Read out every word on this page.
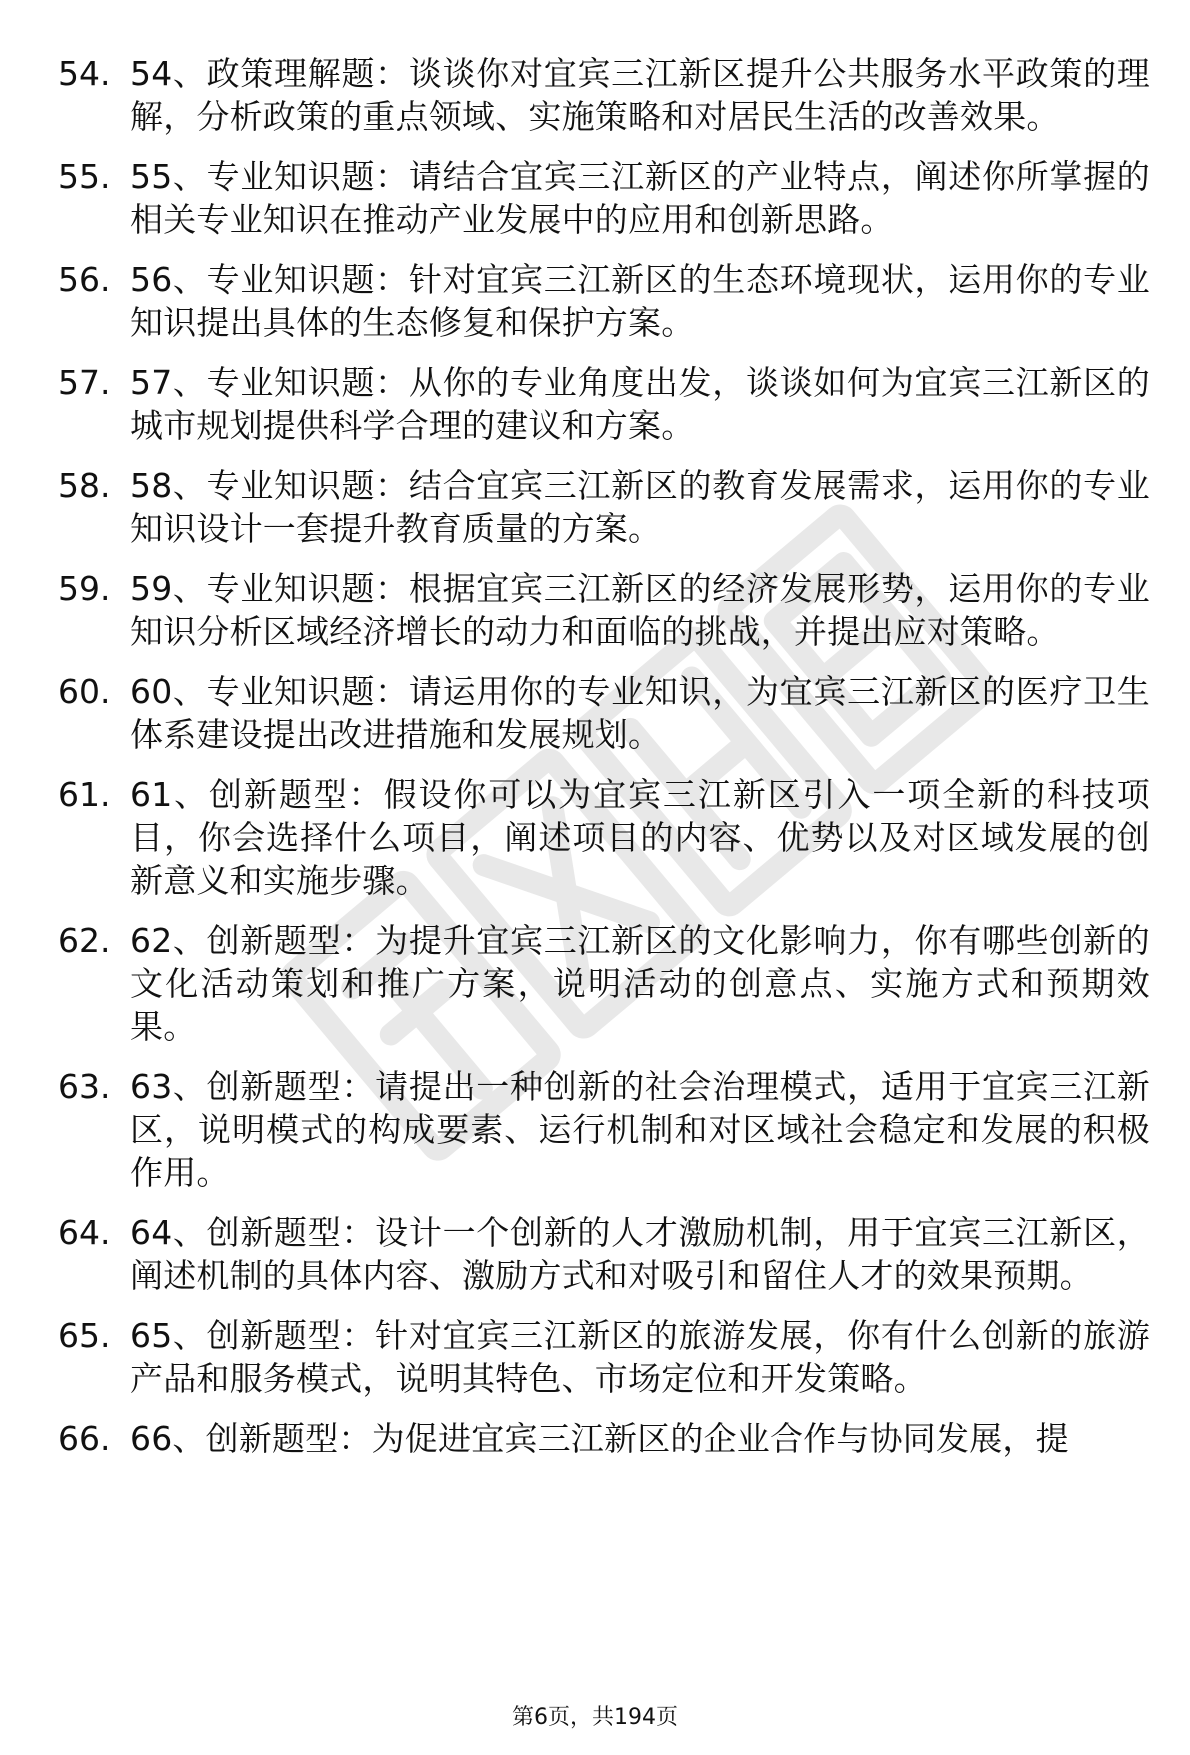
54. 54、政策理解题：谈谈你对宜宾三江新区提升公共服务水平政策的理解，分析政策的重点领域、实施策略和对居民生活的改善效果。
55. 55、专业知识题：请结合宜宾三江新区的产业特点，阐述你所掌握的相关专业知识在推动产业发展中的应用和创新思路。
56. 56、专业知识题：针对宜宾三江新区的生态环境现状，运用你的专业知识提出具体的生态修复和保护方案。
57. 57、专业知识题：从你的专业角度出发，谈谈如何为宜宾三江新区的城市规划提供科学合理的建议和方案。
58. 58、专业知识题：结合宜宾三江新区的教育发展需求，运用你的专业知识设计一套提升教育质量的方案。
59. 59、专业知识题：根据宜宾三江新区的经济发展形势，运用你的专业知识分析区域经济增长的动力和面临的挑战，并提出应对策略。
60. 60、专业知识题：请运用你的专业知识，为宜宾三江新区的医疗卫生体系建设提出改进措施和发展规划。
61. 61、创新题型：假设你可以为宜宾三江新区引入一项全新的科技项目，你会选择什么项目，阐述项目的内容、优势以及对区域发展的创新意义和实施步骤。
62. 62、创新题型：为提升宜宾三江新区的文化影响力，你有哪些创新的文化活动策划和推广方案，说明活动的创意点、实施方式和预期效果。
63. 63、创新题型：请提出一种创新的社会治理模式，适用于宜宾三江新区，说明模式的构成要素、运行机制和对区域社会稳定和发展的积极作用。
64. 64、创新题型：设计一个创新的人才激励机制，用于宜宾三江新区，阐述机制的具体内容、激励方式和对吸引和留住人才的效果预期。
65. 65、创新题型：针对宜宾三江新区的旅游发展，你有什么创新的旅游产品和服务模式，说明其特色、市场定位和开发策略。
66. 66、创新题型：为促进宜宾三江新区的企业合作与协同发展，提
第6页，共194页
